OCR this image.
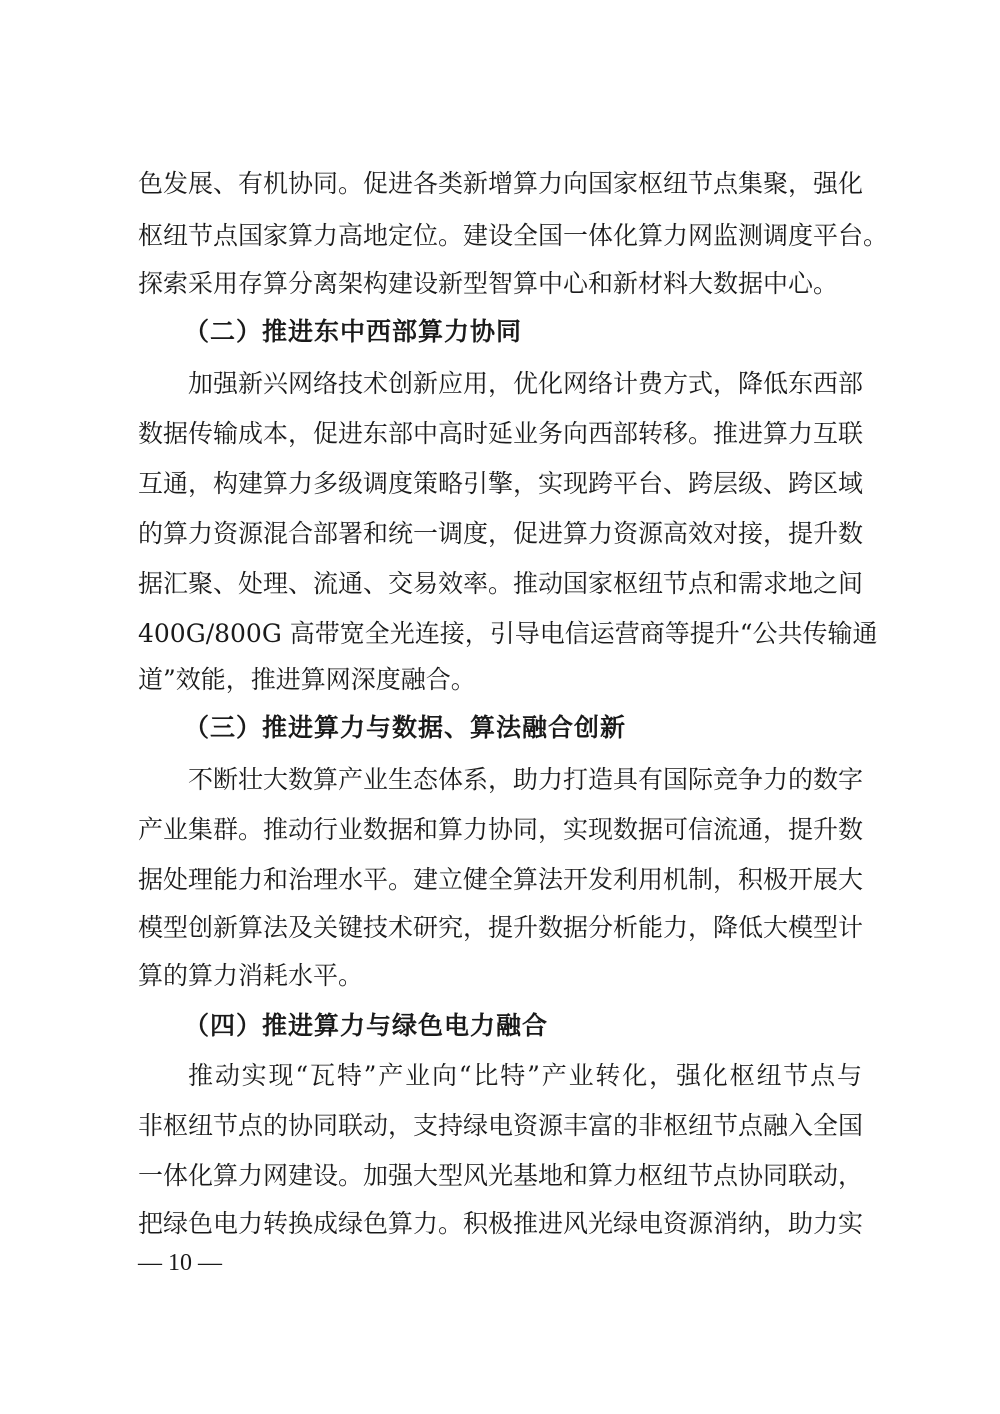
色发展、有机协同。促进各类新增算力向国家枢纽节点集聚，强化
枢纽节点国家算力高地定位。建设全国一体化算力网监测调度平台。
探索采用存算分离架构建设新型智算中心和新材料大数据中心。
（二）推进东中西部算力协同
加强新兴网络技术创新应用，优化网络计费方式，降低东西部
数据传输成本，促进东部中高时延业务向西部转移。推进算力互联
互通，构建算力多级调度策略引擎，实现跨平台、跨层级、跨区域
的算力资源混合部署和统一调度，促进算力资源高效对接，提升数
据汇聚、处理、流通、交易效率。推动国家枢纽节点和需求地之间
400G/800G 高带宽全光连接，引导电信运营商等提升“公共传输通
道”效能，推进算网深度融合。
（三）推进算力与数据、算法融合创新
不断壮大数算产业生态体系，助力打造具有国际竞争力的数字
产业集群。推动行业数据和算力协同，实现数据可信流通，提升数
据处理能力和治理水平。建立健全算法开发利用机制，积极开展大
模型创新算法及关键技术研究，提升数据分析能力，降低大模型计
算的算力消耗水平。
（四）推进算力与绿色电力融合
推动实现“瓦特”产业向“比特”产业转化，强化枢纽节点与
非枢纽节点的协同联动，支持绿电资源丰富的非枢纽节点融入全国
一体化算力网建设。加强大型风光基地和算力枢纽节点协同联动，
把绿色电力转换成绿色算力。积极推进风光绿电资源消纳，助力实
— 10 —
